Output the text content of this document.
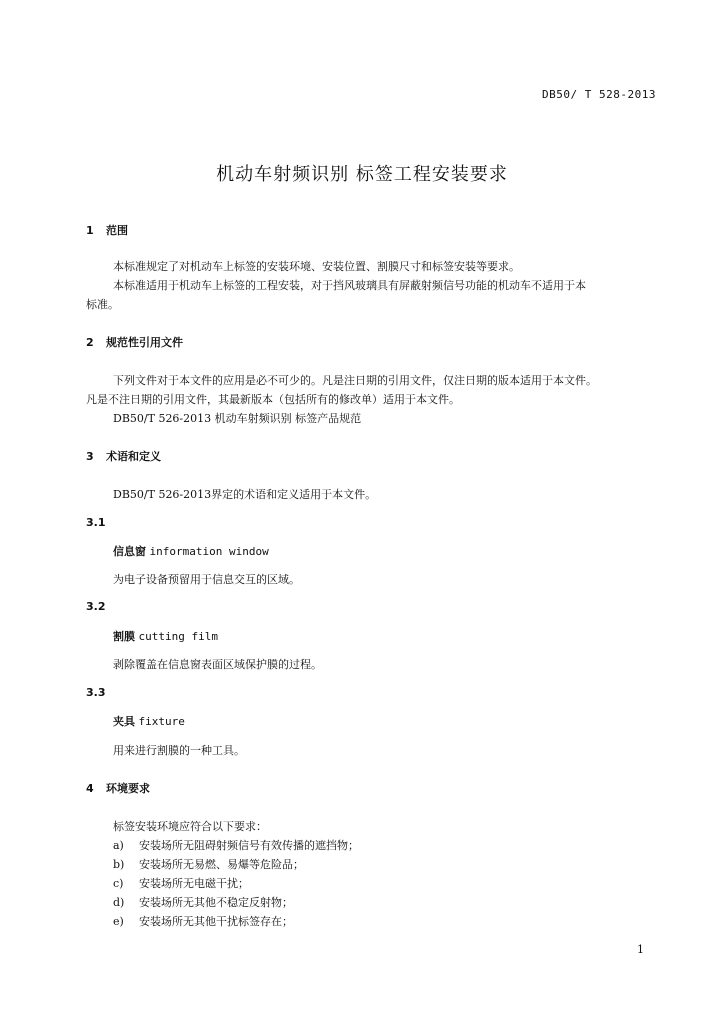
DB50/ T 528-2013
机动车射频识别 标签工程安装要求
1 范围
本标准规定了对机动车上标签的安装环境、安装位置、割膜尺寸和标签安装等要求。
本标准适用于机动车上标签的工程安装，对于挡风玻璃具有屏蔽射频信号功能的机动车不适用于本
标准。
2 规范性引用文件
下列文件对于本文件的应用是必不可少的。凡是注日期的引用文件，仅注日期的版本适用于本文件。
凡是不注日期的引用文件，其最新版本（包括所有的修改单）适用于本文件。
DB50/T 526-2013 机动车射频识别 标签产品规范
3 术语和定义
DB50/T 526-2013界定的术语和定义适用于本文件。
3.1
信息窗 information window
为电子设备预留用于信息交互的区域。
3.2
割膜 cutting film
剥除覆盖在信息窗表面区域保护膜的过程。
3.3
夹具 fixture
用来进行割膜的一种工具。
4 环境要求
标签安装环境应符合以下要求：
a) 安装场所无阻碍射频信号有效传播的遮挡物；
b) 安装场所无易燃、易爆等危险品；
c) 安装场所无电磁干扰；
d) 安装场所无其他不稳定反射物；
e) 安装场所无其他干扰标签存在；
1
